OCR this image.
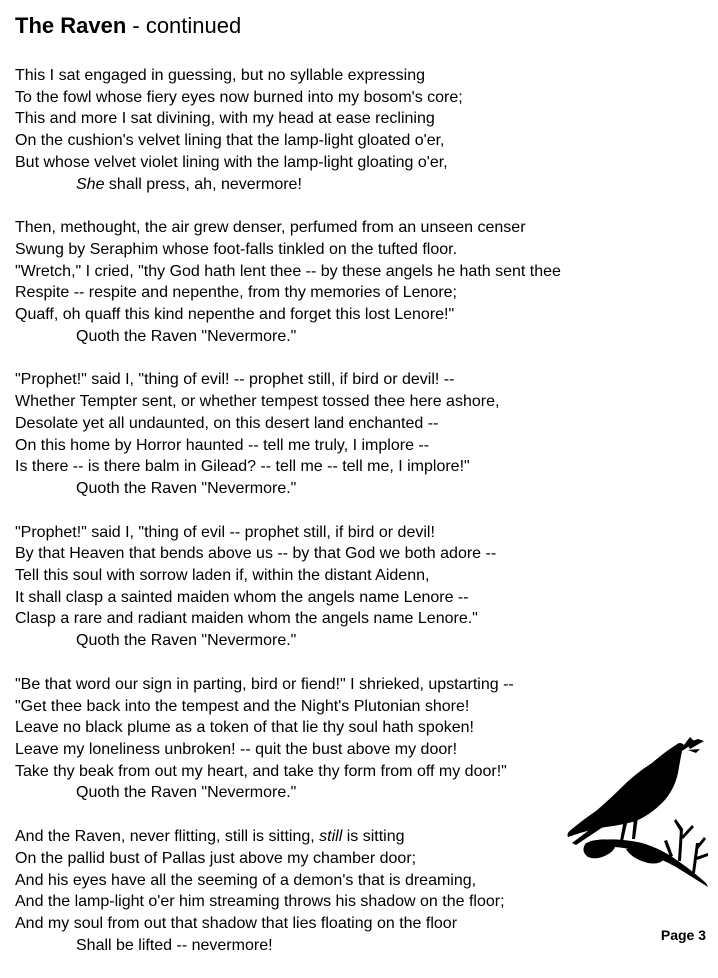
The Raven - continued
This I sat engaged in guessing, but no syllable expressing
To the fowl whose fiery eyes now burned into my bosom's core;
This and more I sat divining, with my head at ease reclining
On the cushion's velvet lining that the lamp-light gloated o'er,
But whose velvet violet lining with the lamp-light gloating o'er,
She shall press, ah, nevermore!
Then, methought, the air grew denser, perfumed from an unseen censer
Swung by Seraphim whose foot-falls tinkled on the tufted floor.
"Wretch," I cried, "thy God hath lent thee -- by these angels he hath sent thee
Respite -- respite and nepenthe, from thy memories of Lenore;
Quaff, oh quaff this kind nepenthe and forget this lost Lenore!"
Quoth the Raven "Nevermore."
"Prophet!" said I, "thing of evil! -- prophet still, if bird or devil! --
Whether Tempter sent, or whether tempest tossed thee here ashore,
Desolate yet all undaunted, on this desert land enchanted --
On this home by Horror haunted -- tell me truly, I implore --
Is there -- is there balm in Gilead? -- tell me -- tell me, I implore!"
Quoth the Raven "Nevermore."
"Prophet!" said I, "thing of evil -- prophet still, if bird or devil!
By that Heaven that bends above us -- by that God we both adore --
Tell this soul with sorrow laden if, within the distant Aidenn,
It shall clasp a sainted maiden whom the angels name Lenore --
Clasp a rare and radiant maiden whom the angels name Lenore."
Quoth the Raven "Nevermore."
"Be that word our sign in parting, bird or fiend!" I shrieked, upstarting --
"Get thee back into the tempest and the Night's Plutonian shore!
Leave no black plume as a token of that lie thy soul hath spoken!
Leave my loneliness unbroken! -- quit the bust above my door!
Take thy beak from out my heart, and take thy form from off my door!"
Quoth the Raven "Nevermore."
And the Raven, never flitting, still is sitting, still is sitting
On the pallid bust of Pallas just above my chamber door;
And his eyes have all the seeming of a demon's that is dreaming,
And the lamp-light o'er him streaming throws his shadow on the floor;
And my soul from out that shadow that lies floating on the floor
Shall be lifted -- nevermore!
Page 3
